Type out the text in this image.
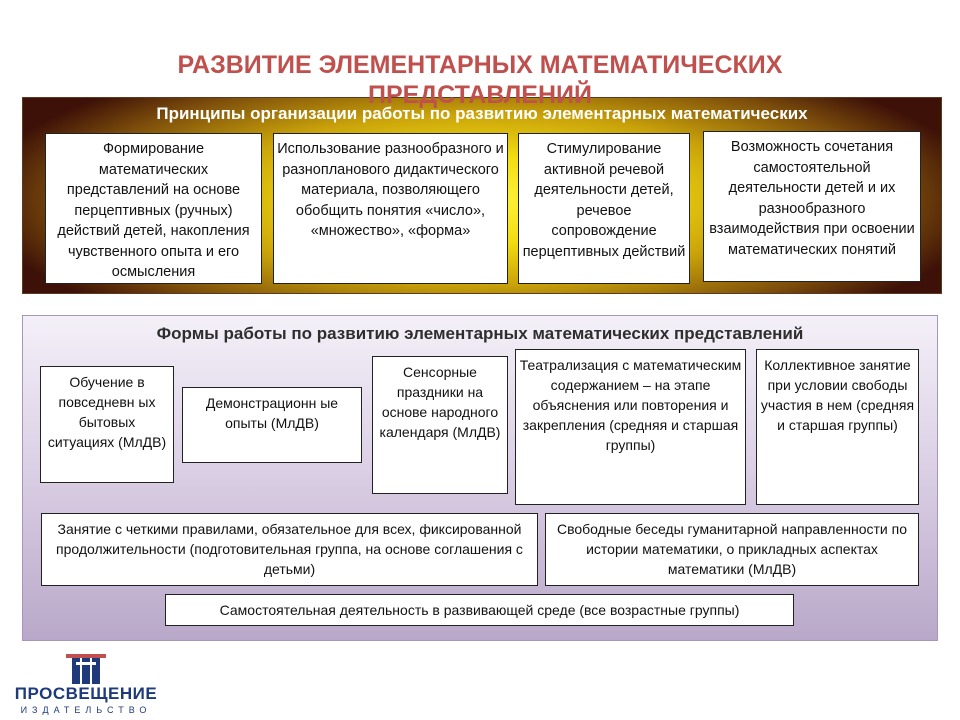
РАЗВИТИЕ ЭЛЕМЕНТАРНЫХ МАТЕМАТИЧЕСКИХ
ПРЕДСТАВЛЕНИЙ
Принципы организации работы по развитию элементарных математических
Формирование математических представлений на основе перцептивных (ручных) действий детей, накопления чувственного опыта и его осмысления
Использование разнообразного и разнопланового дидактического материала, позволяющего обобщить понятия «число», «множество», «форма»
Стимулирование активной речевой деятельности детей, речевое сопровождение перцептивных действий
Возможность сочетания самостоятельной деятельности детей и их разнообразного взаимодействия при освоении математических понятий
Формы работы по развитию элементарных математических представлений
Обучение в повседневн ых бытовых ситуациях (МлДВ)
Демонстрационн ые опыты (МлДВ)
Сенсорные праздники на основе народного календаря (МлДВ)
Театрализация с математическим содержанием – на этапе объяснения или повторения и закрепления (средняя и старшая группы)
Коллективное занятие при условии свободы участия в нем (средняя и старшая группы)
Занятие с четкими правилами, обязательное для всех, фиксированной продолжительности (подготовительная группа, на основе соглашения с детьми)
Свободные беседы гуманитарной направленности по истории математики, о прикладных аспектах математики (МлДВ)
Самостоятельная деятельность в развивающей среде (все возрастные группы)
ПРОСВЕЩЕНИЕ
ИЗДАТЕЛЬСТВО
